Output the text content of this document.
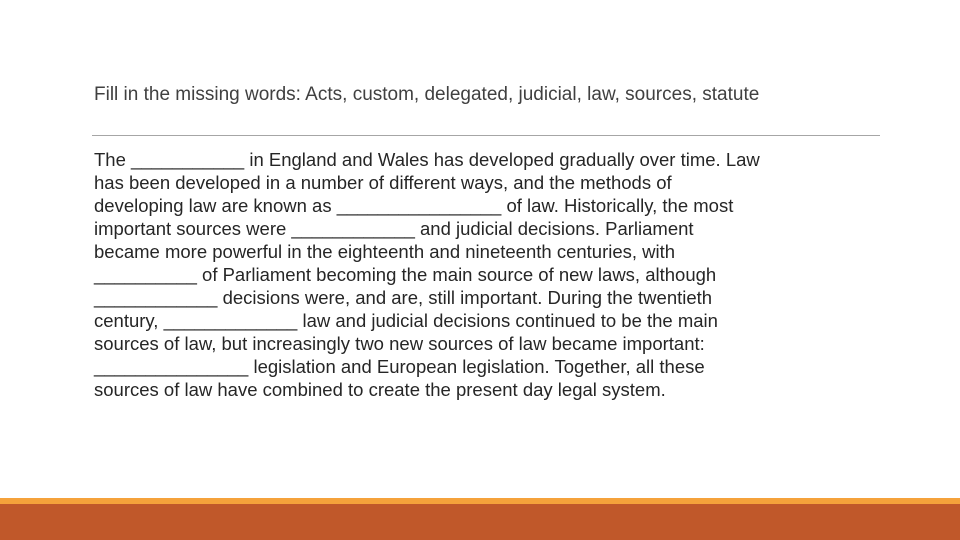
Fill in the missing words: Acts, custom, delegated, judicial, law, sources, statute
The ___________ in England and Wales has developed gradually over time. Law
has been developed in a number of different ways, and the methods of
developing law are known as ________________ of law. Historically, the most
important sources were ____________ and judicial decisions. Parliament
became more powerful in the eighteenth and nineteenth centuries, with
__________ of Parliament becoming the main source of new laws, although
____________ decisions were, and are, still important. During the twentieth
century, _____________ law and judicial decisions continued to be the main
sources of law, but increasingly two new sources of law became important:
_______________ legislation and European legislation. Together, all these
sources of law have combined to create the present day legal system.
